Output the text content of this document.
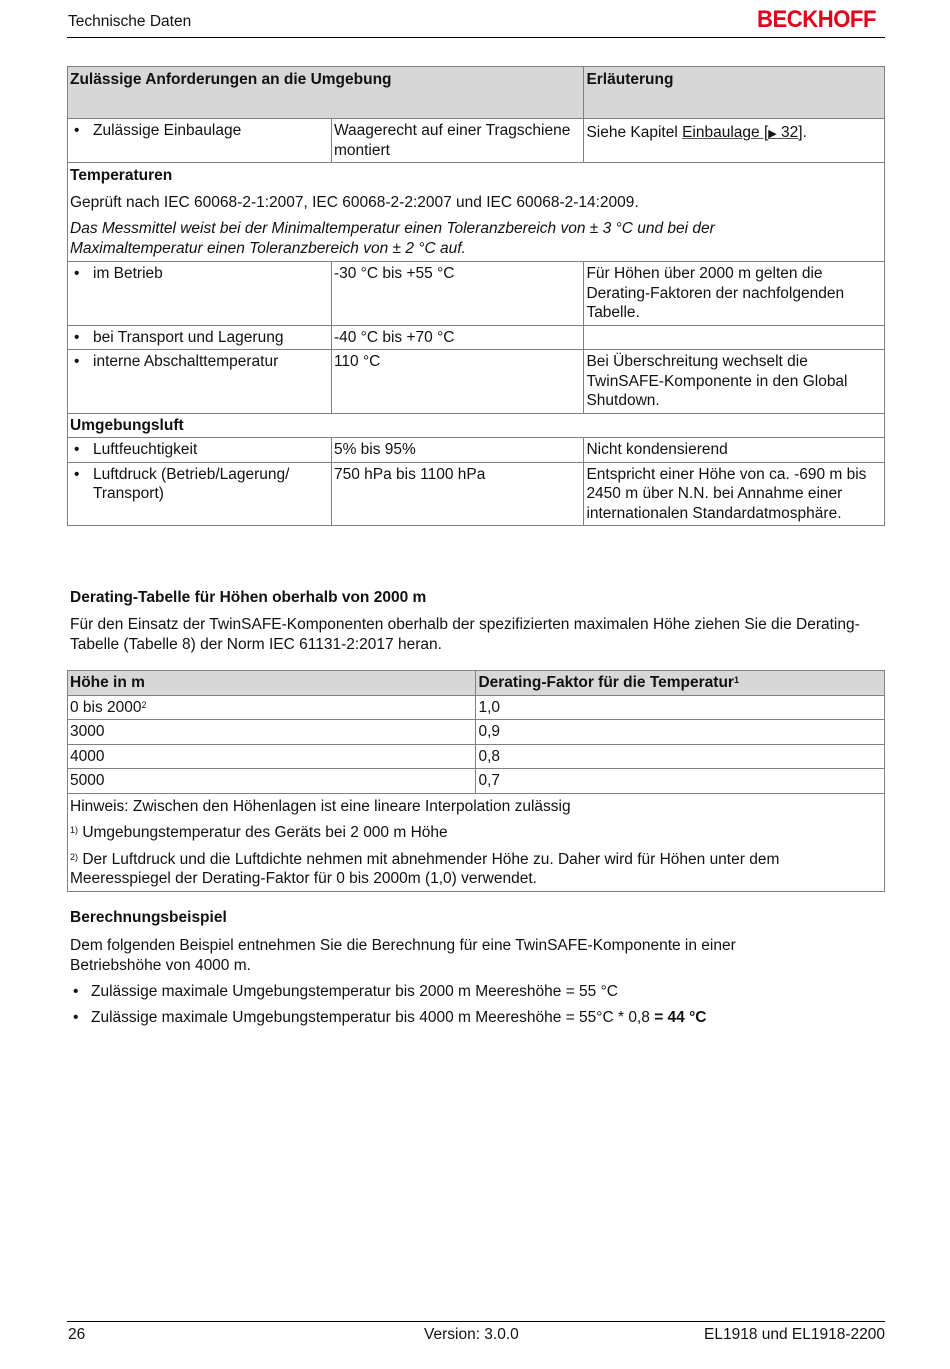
Technische Daten	BECKHOFF
Zulässige Anforderungen an die Umgebung		Erläuterung

• Zulässige Einbaulage	Waagerecht auf einer Tragschiene montiert	Siehe Kapitel Einbaulage [▶ 32].

Temperaturen
Geprüft nach IEC 60068-2-1:2007, IEC 60068-2-2:2007 und IEC 60068-2-14:2009.
Das Messmittel weist bei der Minimaltemperatur einen Toleranzbereich von ± 3 °C und bei der Maximaltemperatur einen Toleranzbereich von ± 2 °C auf.		

• im Betrieb	-30 °C bis +55 °C	Für Höhen über 2000 m gelten die Derating-Faktoren der nachfolgenden Tabelle.

• bei Transport und Lagerung	-40 °C bis +70 °C	

• interne Abschalttemperatur	110 °C	Bei Überschreitung wechselt die TwinSAFE-Komponente in den Global Shutdown.
Umgebungsluft		

• Luftfeuchtigkeit	5% bis 95%	Nicht kondensierend

• Luftdruck (Betrieb/Lagerung/ Transport)	750 hPa bis 1100 hPa	Entspricht einer Höhe von ca. -690 m bis 2450 m über N.N. bei Annahme einer internationalen Standardatmosphäre.
Derating-Tabelle für Höhen oberhalb von 2000 m
Für den Einsatz der TwinSAFE-Komponenten oberhalb der spezifizierten maximalen Höhe ziehen Sie die Derating-Tabelle (Tabelle 8) der Norm IEC 61131-2:2017 heran.
Höhe in m	Derating-Faktor für die Temperatur$^1$
0 bis 2000$^2$	1,0
3000	0,9
4000	0,8
5000	0,7

Hinweis: Zwischen den Höhenlagen ist eine lineare Interpolation zulässig
$^{1)}$ Umgebungstemperatur des Geräts bei 2 000 m Höhe
$^{2)}$ Der Luftdruck und die Luftdichte nehmen mit abnehmender Höhe zu. Daher wird für Höhen unter dem Meeresspiegel der Derating-Faktor für 0 bis 2000m (1,0) verwendet.	
Berechnungsbeispiel
Dem folgenden Beispiel entnehmen Sie die Berechnung für eine TwinSAFE-Komponente in einer Betriebshöhe von 4000 m.
• Zulässige maximale Umgebungstemperatur bis 2000 m Meereshöhe = 55 °C
• Zulässige maximale Umgebungstemperatur bis 4000 m Meereshöhe = 55°C * 0,8 = 44 °C
26	Version: 3.0.0	EL1918 und EL1918-2200
